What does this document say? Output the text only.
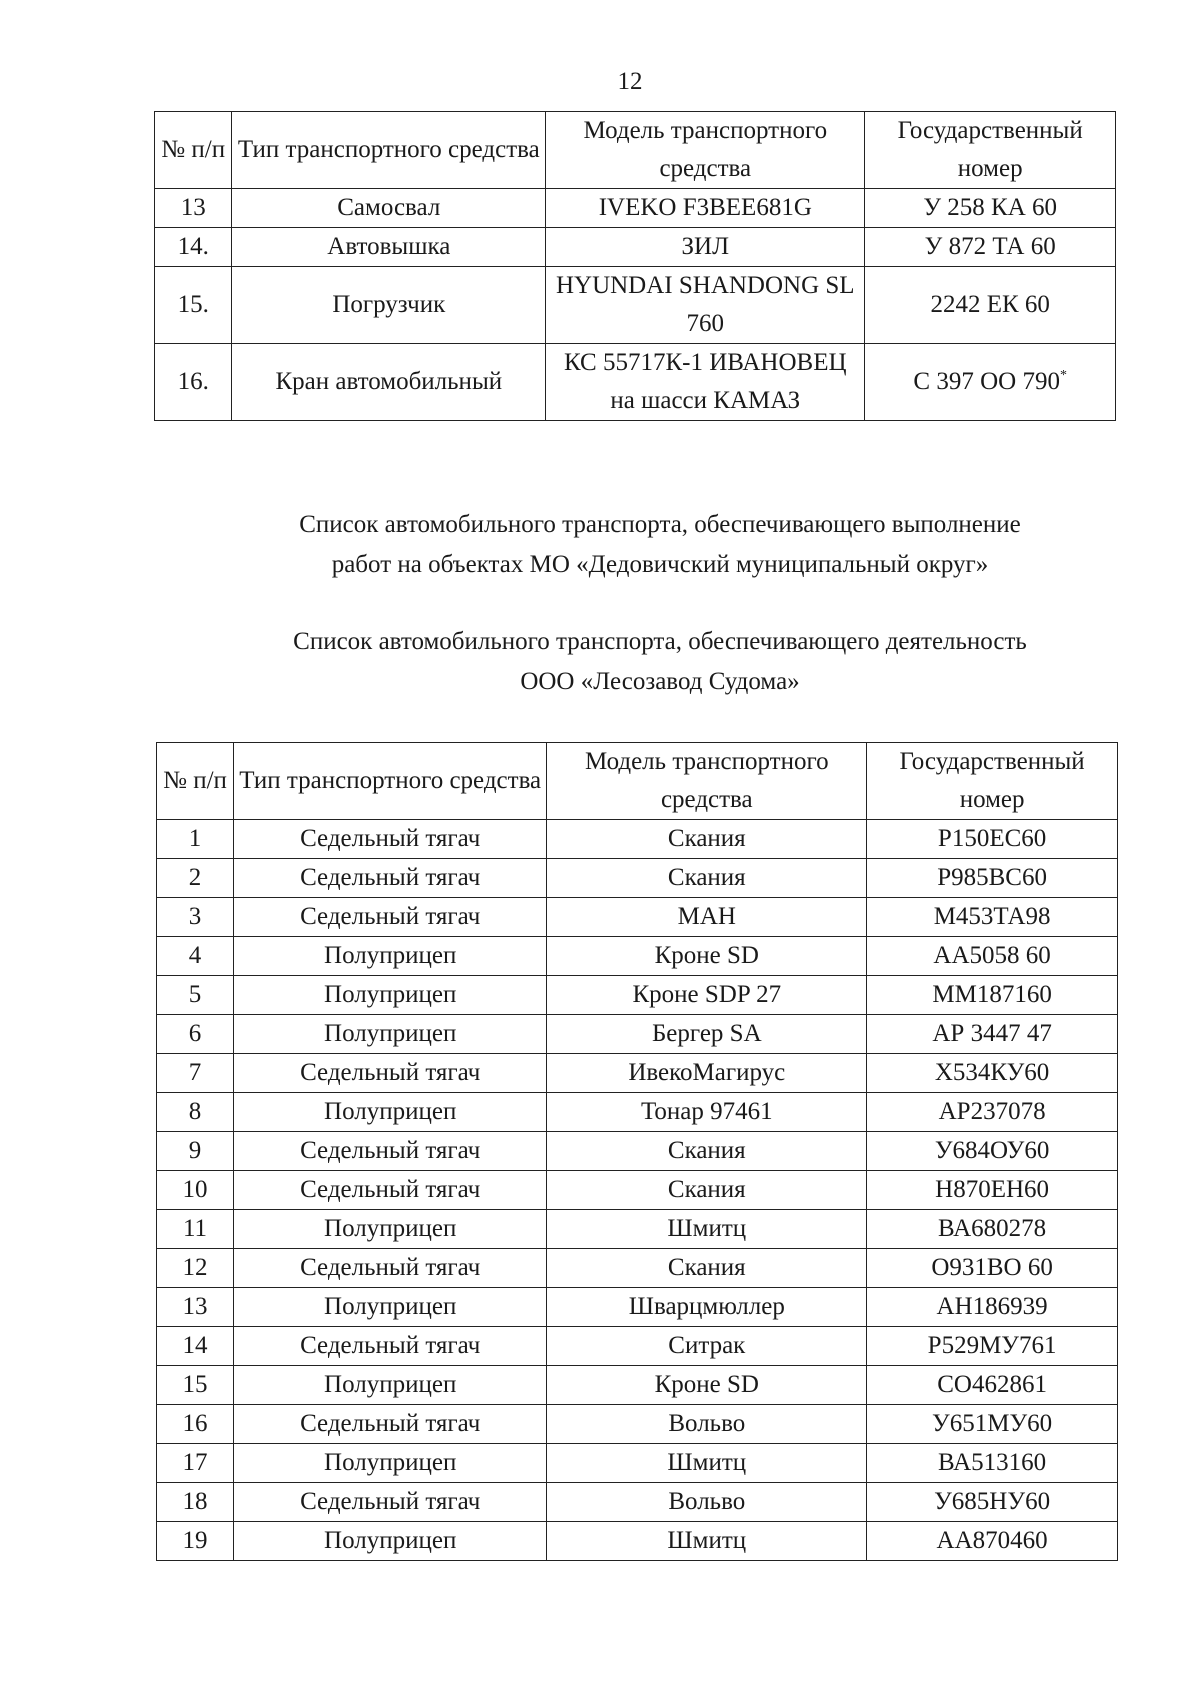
12
№ п/п	Тип транспортного средства	Модель транспортного средства	Государственный номер
13	Самосвал	IVEKO F3BEE681G	У 258 КА 60
14.	Автовышка	ЗИЛ	У 872 ТА 60
15.	Погрузчик	HYUNDAI SHANDONG SL 760	2242 ЕК 60
16.	Кран автомобильный	КС 55717К-1 ИВАНОВЕЦ на шасси КАМАЗ	С 397 ОО 790*
Список автомобильного транспорта, обеспечивающего выполнение
работ на объектах МО «Дедовичский муниципальный округ»
Список автомобильного транспорта, обеспечивающего деятельность
ООО «Лесозавод Судома»
№ п/п	Тип транспортного средства	Модель транспортного средства	Государственный номер
1	Седельный тягач	Скания	Р150ЕС60
2	Седельный тягач	Скания	Р985ВС60
3	Седельный тягач	МАН	М453ТА98
4	Полуприцеп	Кроне SD	АА5058 60
5	Полуприцеп	Кроне SDP 27	ММ187160
6	Полуприцеп	Бергер SA	АР 3447 47
7	Седельный тягач	ИвекоМагирус	Х534КУ60
8	Полуприцеп	Тонар 97461	АР237078
9	Седельный тягач	Скания	У684ОУ60
10	Седельный тягач	Скания	Н870ЕН60
11	Полуприцеп	Шмитц	ВА680278
12	Седельный тягач	Скания	О931ВО 60
13	Полуприцеп	Шварцмюллер	АН186939
14	Седельный тягач	Ситрак	Р529МУ761
15	Полуприцеп	Кроне SD	СО462861
16	Седельный тягач	Вольво	У651МУ60
17	Полуприцеп	Шмитц	ВА513160
18	Седельный тягач	Вольво	У685НУ60
19	Полуприцеп	Шмитц	АА870460
